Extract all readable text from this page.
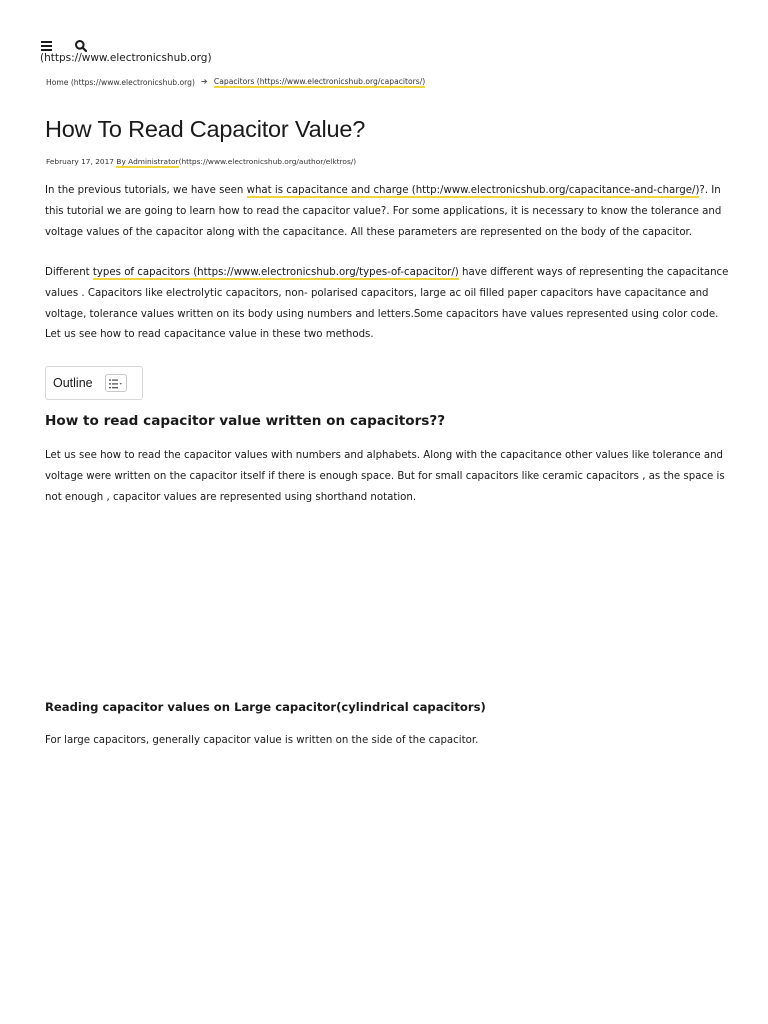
(https://www.electronicshub.org)
Home (https://www.electronicshub.org)	Capacitors (https://www.electronicshub.org/capacitors/)
How To Read Capacitor Value?
February 17, 2017 By Administrator(https://www.electronicshub.org/author/elktros/)

In the previous tutorials, we have seen what is capacitance and charge (http:/www.electronicshub.org/capacitance-and-charge/)?. In this tutorial we are going to learn how to read the capacitor value?. For some applications, it is necessary to know the tolerance and voltage values of the capacitor along with the capacitance. All these parameters are represented on the body of the capacitor.

Different types of capacitors (https://www.electronicshub.org/types-of-capacitor/) have different ways of representing the capacitance values . Capacitors like electrolytic capacitors, non- polarised capacitors, large ac oil filled paper capacitors have capacitance and voltage, tolerance values written on its body using numbers and letters.Some capacitors have values represented using color code. Let us see how to read capacitance value in these two methods.

Outline
How to read capacitor value written on capacitors??

Let us see how to read the capacitor values with numbers and alphabets. Along with the capacitance other values like tolerance and voltage were written on the capacitor itself if there is enough space. But for small capacitors like ceramic capacitors , as the space is not enough , capacitor values are represented using shorthand notation.

Reading capacitor values on Large capacitor(cylindrical capacitors)

For large capacitors, generally capacitor value is written on the side of the capacitor.
